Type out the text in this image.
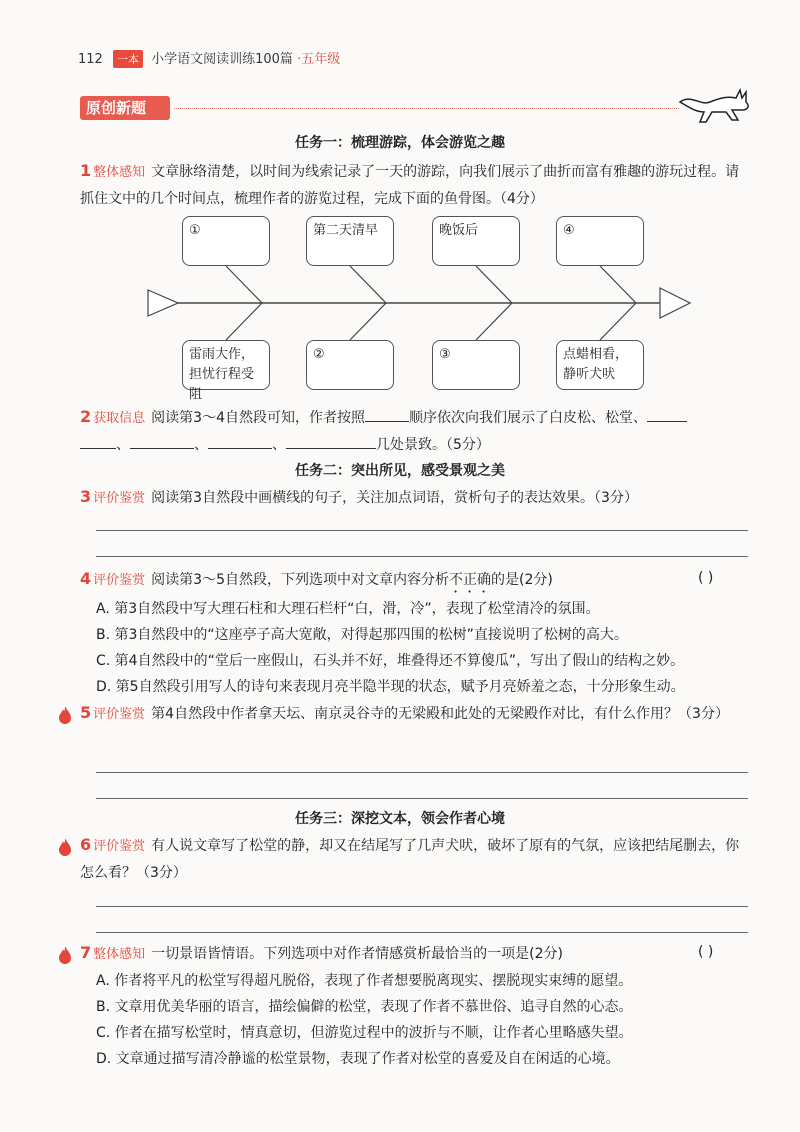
112 一本 小学语文阅读训练100篇 ·五年级
原创新题
任务一：梳理游踪，体会游览之趣
1 整体感知 文章脉络清楚，以时间为线索记录了一天的游踪，向我们展示了曲折而富有雅趣的游玩过程。请抓住文中的几个时间点，梳理作者的游览过程，完成下面的鱼骨图。（4分）
①	第二天清早	晚饭后	④
雷雨大作，担忧行程受阻
②	③	点蜡相看，静听犬吠
2 获取信息 阅读第3～4自然段可知，作者按照	顺序依次向我们展示了白皮松、松堂、
、	、	、	几处景致。（5分）
任务二：突出所见，感受景观之美
3 评价鉴赏 阅读第3自然段中画横线的句子，关注加点词语，赏析句子的表达效果。（3分）
4 评价鉴赏 阅读第3～5自然段，下列选项中对文章内容分析不正确的是(2分)	( )
A. 第3自然段中写大理石柱和大理石栏杆“白，滑，冷”，表现了松堂清冷的氛围。
B. 第3自然段中的“这座亭子高大宽敞，对得起那四围的松树”直接说明了松树的高大。
C. 第4自然段中的“堂后一座假山，石头并不好，堆叠得还不算傻瓜”，写出了假山的结构之妙。
D. 第5自然段引用写人的诗句来表现月亮半隐半现的状态，赋予月亮娇羞之态，十分形象生动。
5 评价鉴赏 第4自然段中作者拿天坛、南京灵谷寺的无梁殿和此处的无梁殿作对比，有什么作用？（3分）
任务三：深挖文本，领会作者心境
6 评价鉴赏 有人说文章写了松堂的静，却又在结尾写了几声犬吠，破坏了原有的气氛，应该把结尾删去，你怎么看？（3分）
7 整体感知 一切景语皆情语。下列选项中对作者情感赏析最恰当的一项是(2分)	( )
A. 作者将平凡的松堂写得超凡脱俗，表现了作者想要脱离现实、摆脱现实束缚的愿望。
B. 文章用优美华丽的语言，描绘偏僻的松堂，表现了作者不慕世俗、追寻自然的心态。
C. 作者在描写松堂时，情真意切，但游览过程中的波折与不顺，让作者心里略感失望。
D. 文章通过描写清冷静谧的松堂景物，表现了作者对松堂的喜爱及自在闲适的心境。
